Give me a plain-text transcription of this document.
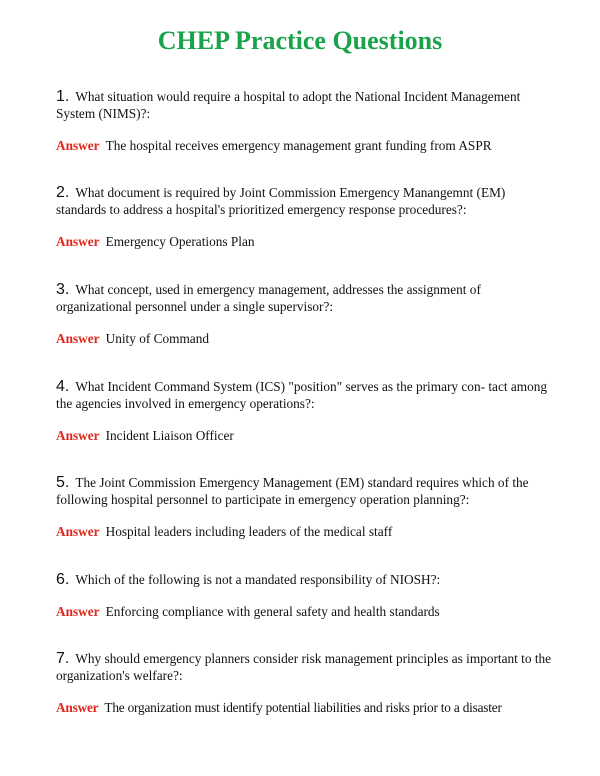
CHEP Practice Questions

1. What situation would require a hospital to adopt the National Incident Management System (NIMS)?:

Answer The hospital receives emergency management grant funding from ASPR

2. What document is required by Joint Commission Emergency Manangemnt (EM) standards to address a hospital's prioritized emergency response procedures?:

Answer Emergency Operations Plan

3. What concept, used in emergency management, addresses the assignment of organizational personnel under a single supervisor?:

Answer Unity of Command

4. What Incident Command System (ICS) "position" serves as the primary con- tact among the agencies involved in emergency operations?:

Answer Incident Liaison Officer

5. The Joint Commission Emergency Management (EM) standard requires which of the following hospital personnel to participate in emergency operation planning?:

Answer Hospital leaders including leaders of the medical staff

6. Which of the following is not a mandated responsibility of NIOSH?:

Answer Enforcing compliance with general safety and health standards

7. Why should emergency planners consider risk management principles as important to the organization's welfare?:

Answer The organization must identify potential liabilities and risks prior to a disaster
